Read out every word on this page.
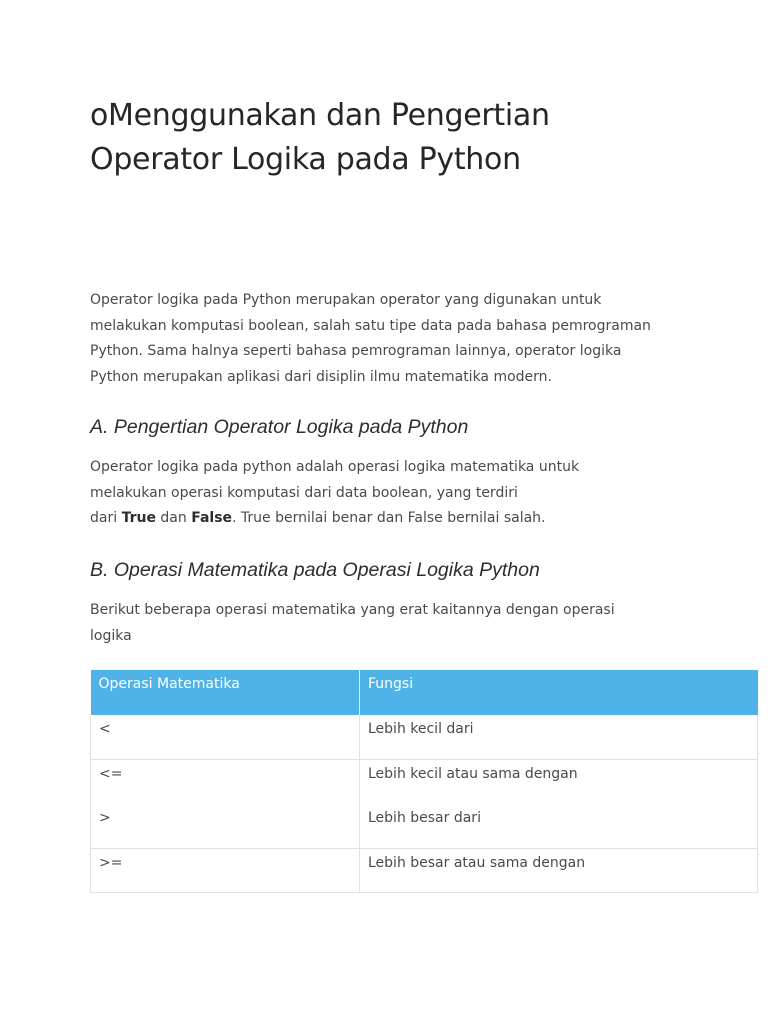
oMenggunakan dan Pengertian
Operator Logika pada Python

Operator logika pada Python merupakan operator yang digunakan untuk
melakukan komputasi boolean, salah satu tipe data pada bahasa pemrograman
Python. Sama halnya seperti bahasa pemrograman lainnya, operator logika
Python merupakan aplikasi dari disiplin ilmu matematika modern.

A. Pengertian Operator Logika pada Python

Operator logika pada python adalah operasi logika matematika untuk
melakukan operasi komputasi dari data boolean, yang terdiri
dari True dan False. True bernilai benar dan False bernilai salah.

B. Operasi Matematika pada Operasi Logika Python

Berikut beberapa operasi matematika yang erat kaitannya dengan operasi
logika

Operasi Matematika	Fungsi
<	Lebih kecil dari
<=	Lebih kecil atau sama dengan
>	Lebih besar dari
>=	Lebih besar atau sama dengan
